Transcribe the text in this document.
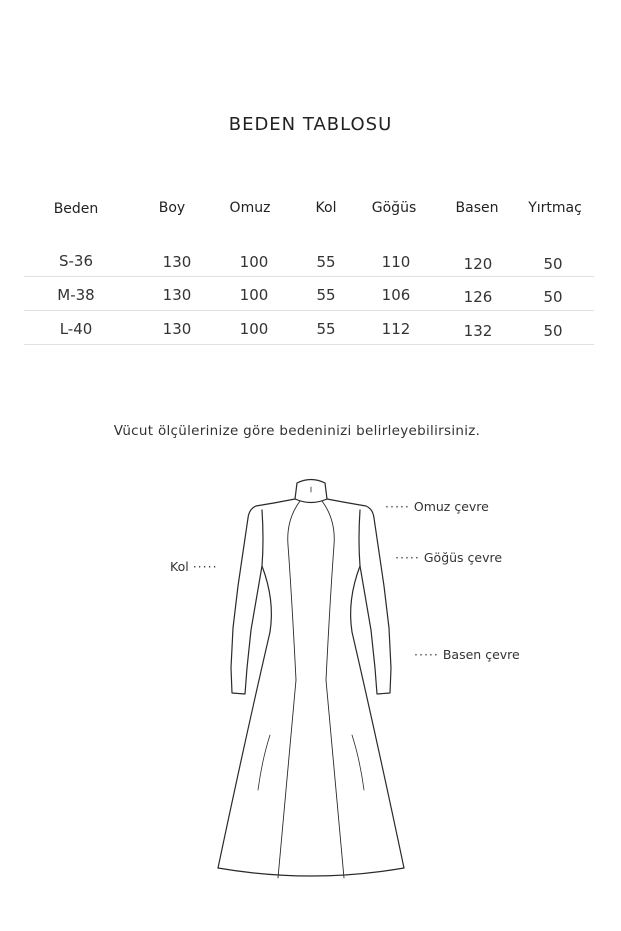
BEDEN TABLOSU
Beden	Boy	Omuz	Kol	Göğüs	Basen	Yırtmaç
S-36	130	100	55	110	120	50
M-38	130	100	55	106	126	50
L-40	130	100	55	112	132	50
Vücut ölçülerinize göre bedeninizi belirleyebilirsiniz.
····· Omuz çevre
····· Göğüs çevre
Kol ·····
····· Basen çevre
